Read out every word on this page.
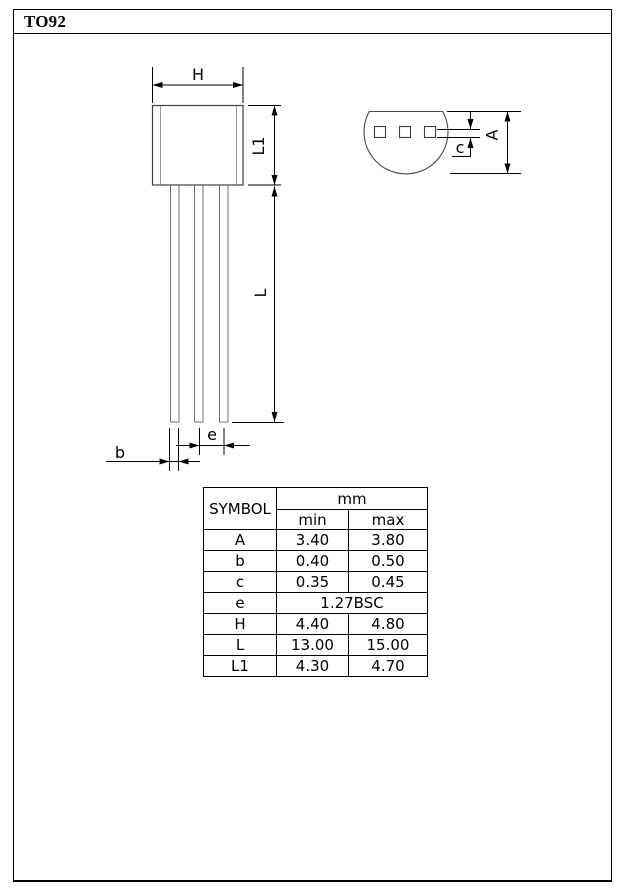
TO92
H
L1
L
e
b
c
A
SYMBOL	mm	
	min	max
A	3.40	3.80
b	0.40	0.50
c	0.35	0.45
e	1.27BSC	
H	4.40	4.80
L	13.00	15.00
L1	4.30	4.70
